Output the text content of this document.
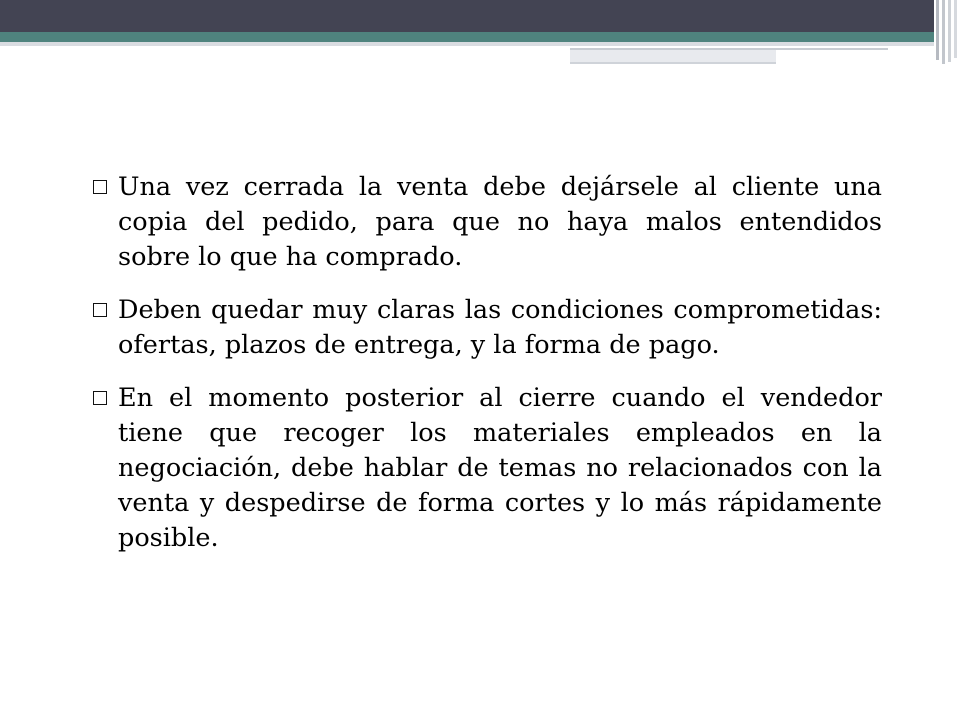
Una vez cerrada la venta debe dejársele al cliente una copia del pedido, para que no haya malos entendidos sobre lo que ha comprado.

Deben quedar muy claras las condiciones comprometidas: ofertas, plazos de entrega, y la forma de pago.

En el momento posterior al cierre cuando el vendedor tiene que recoger los materiales empleados en la negociación, debe hablar de temas no relacionados con la venta y despedirse de forma cortes y lo más rápidamente posible.
